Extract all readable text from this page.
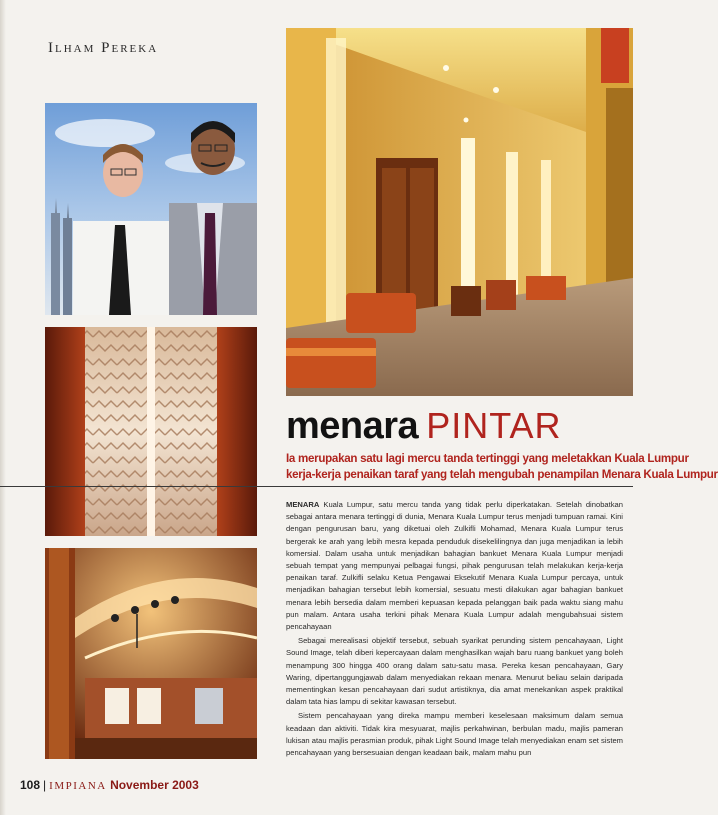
Ilham Pereka
menara PINTAR
Ia merupakan satu lagi mercu tanda tertinggi yang meletakkan Kuala Lumpur
kerja-kerja penaikan taraf yang telah mengubah penampilan Menara Kuala Lumpur

MENARA Kuala Lumpur, satu mercu tanda yang tidak perlu diperkatakan. Setelah dinobatkan sebagai antara menara tertinggi di dunia, Menara Kuala Lumpur terus menjadi tumpuan ramai. Kini dengan pengurusan baru, yang diketuai oleh Zulkifli Mohamad, Menara Kuala Lumpur terus bergerak ke arah yang lebih mesra kepada penduduk disekelilingnya dan juga menjadikan ia lebih komersial. Dalam usaha untuk menjadikan bahagian bankuet Menara Kuala Lumpur menjadi sebuah tempat yang mempunyai pelbagai fungsi, pihak pengurusan telah melakukan kerja-kerja penaikan taraf. Zulkifli selaku Ketua Pengawai Eksekutif Menara Kuala Lumpur percaya, untuk menjadikan bahagian tersebut lebih komersial, sesuatu mesti dilakukan agar bahagian bankuet menara lebih bersedia dalam memberi kepuasan kepada pelanggan baik pada waktu siang mahu pun malam. Antara usaha terkini pihak Menara Kuala Lumpur adalah mengubahsuai sistem pencahayaan

Sebagai merealisasi objektif tersebut, sebuah syarikat perunding sistem pencahayaan, Light Sound Image, telah diberi kepercayaan dalam menghasilkan wajah baru ruang bankuet yang boleh menampung 300 hingga 400 orang dalam satu-satu masa. Pereka kesan pencahayaan, Gary Waring, dipertanggungjawab dalam menyediakan rekaan menara. Menurut beliau selain daripada mementingkan kesan pencahayaan dari sudut artistiknya, dia amat menekankan aspek praktikal dalam tata hias lampu di sekitar kawasan tersebut.

Sistem pencahayaan yang direka mampu memberi keselesaan maksimum dalam semua keadaan dan aktiviti. Tidak kira mesyuarat, majlis perkahwinan, berbulan madu, majlis pameran lukisan atau majlis perasmian produk, pihak Light Sound Image telah menyediakan enam set sistem pencahayaan yang bersesuaian dengan keadaan baik, malam mahu pun

108 | IMPIANA November 2003
